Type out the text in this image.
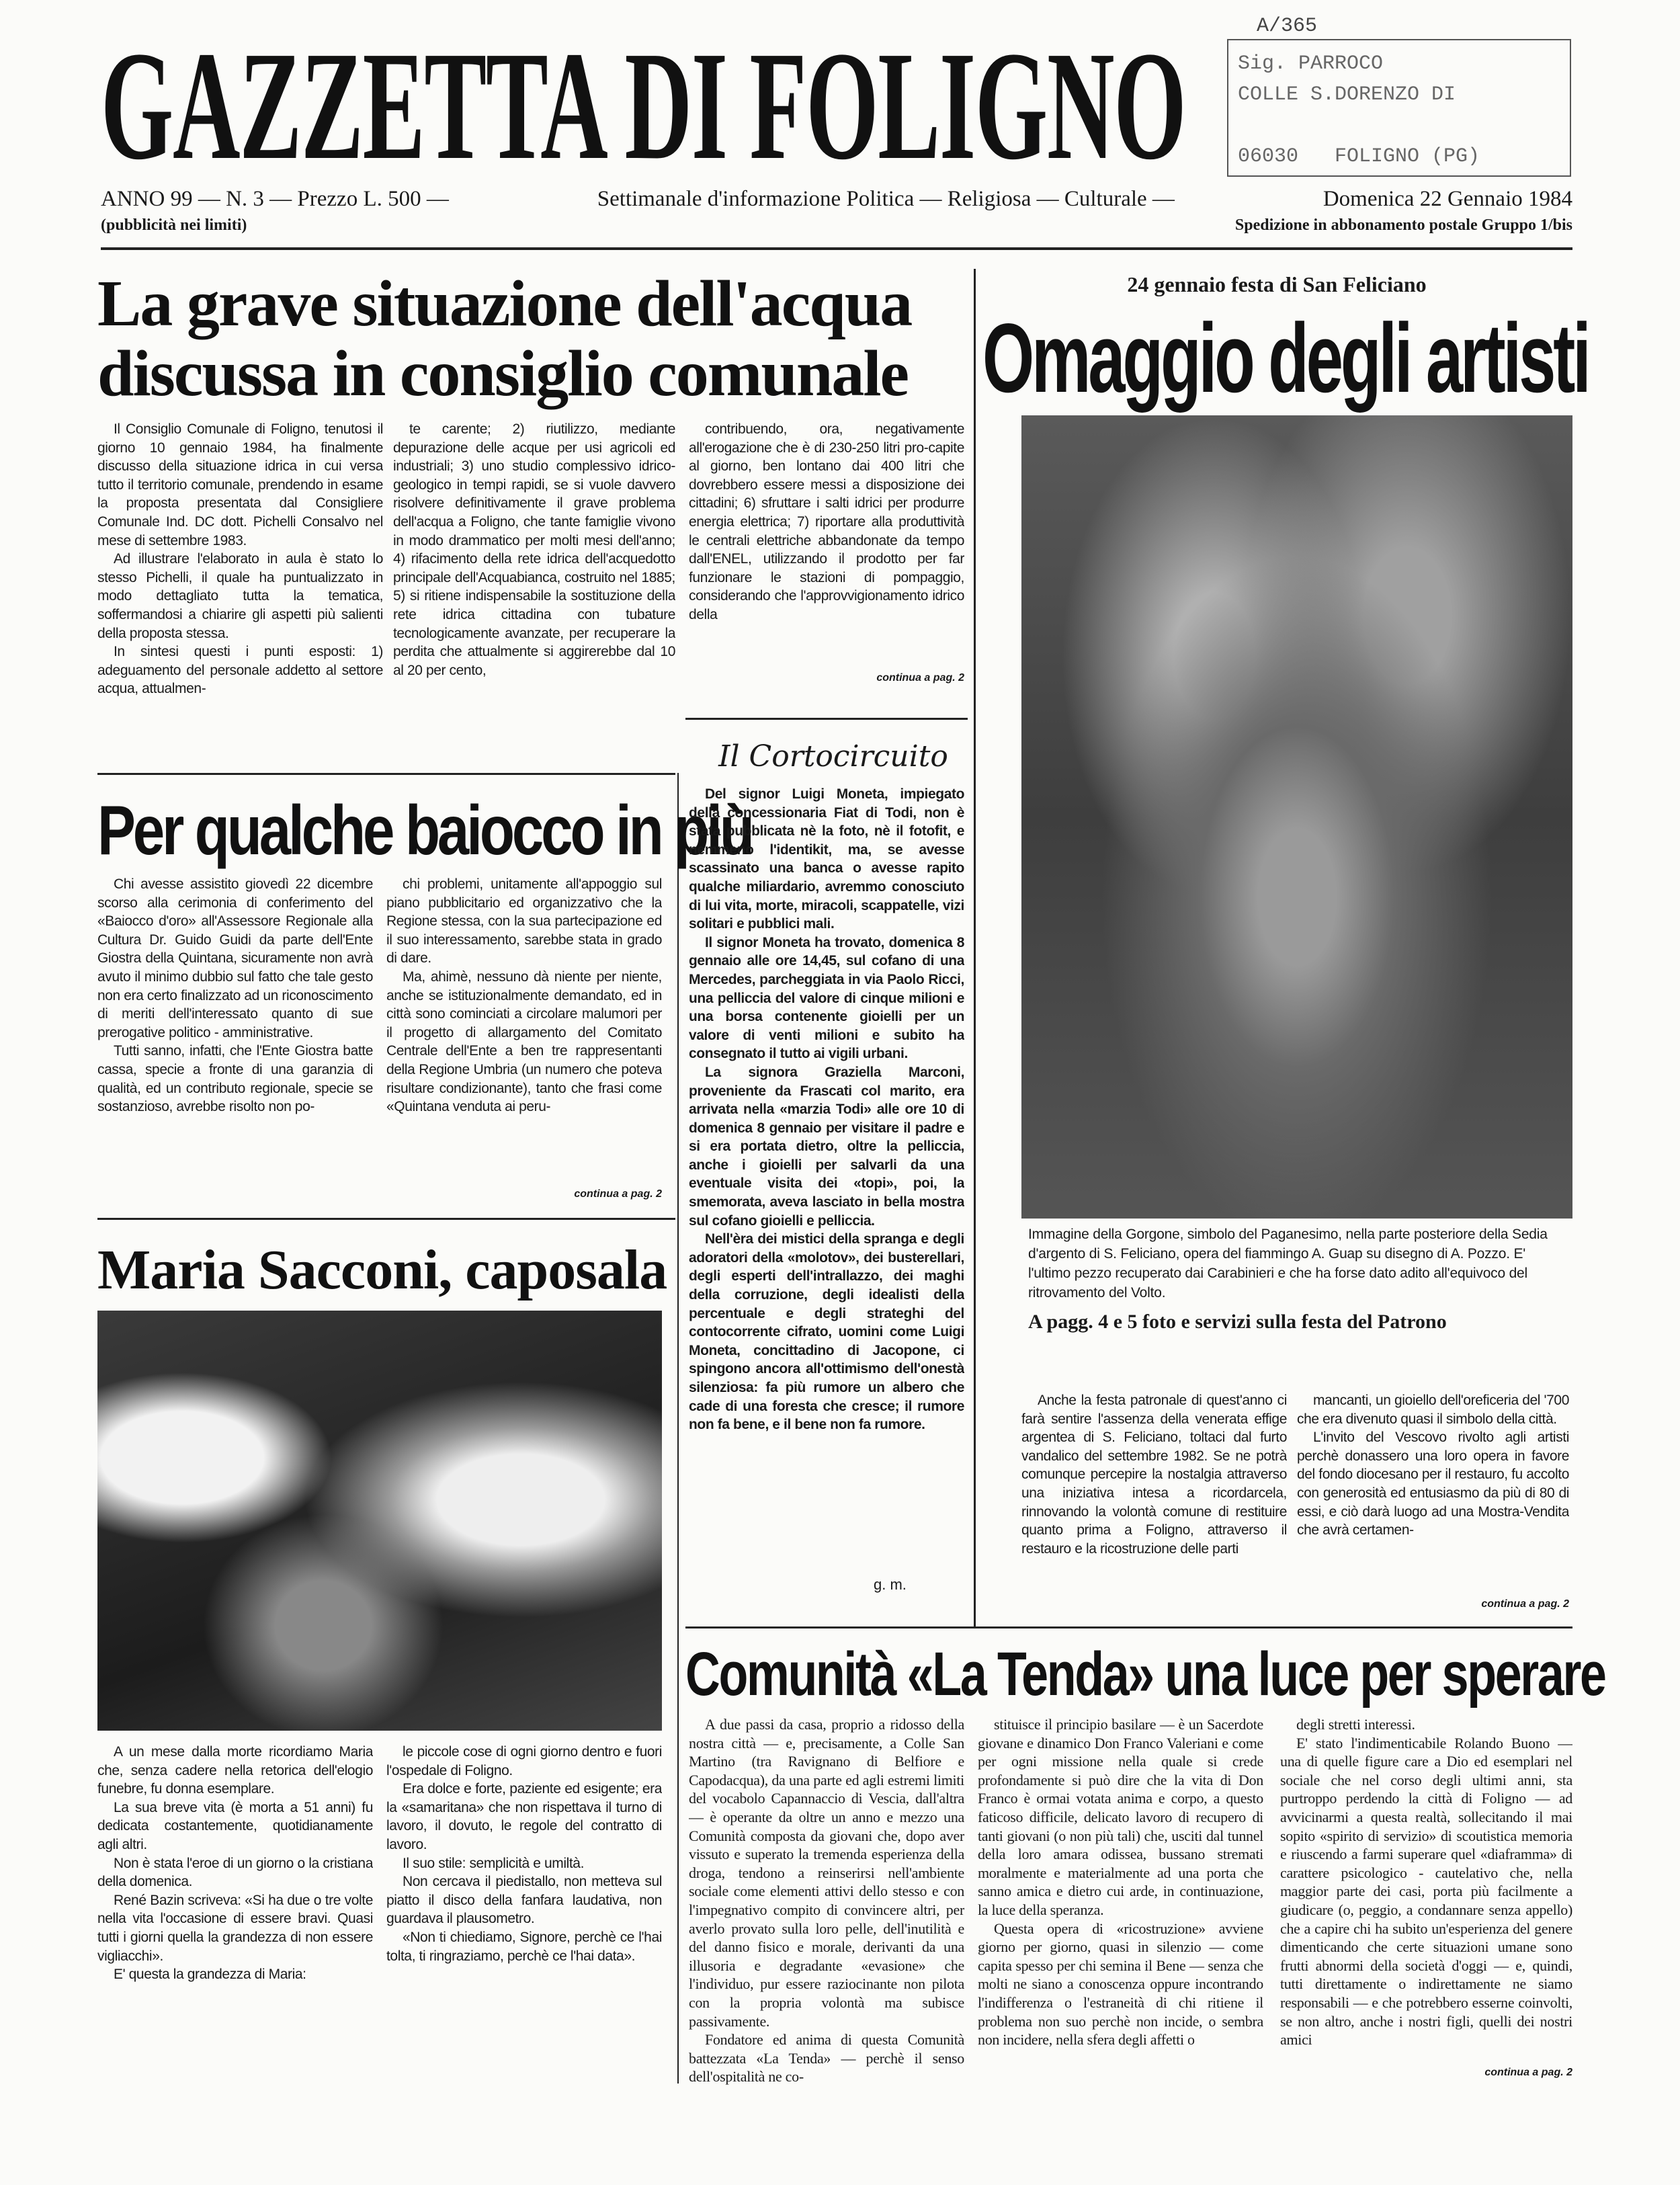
GAZZETTA DI FOLIGNO	A/365
Sig. PARROCO
COLLE S.DORENZO DI
06030   FOLIGNO (PG)
ANNO 99 — N. 3 — Prezzo L. 500 —	Settimanale d'informazione Politica — Religiosa — Culturale —	Domenica 22 Gennaio 1984
(pubblicità nei limiti)	Spedizione in abbonamento postale Gruppo 1/bis
La grave situazione dell'acqua
discussa in consiglio comunale

Il Consiglio Comunale di Foligno, tenutosi il giorno 10 gennaio 1984, ha finalmente discusso della situazione idrica in cui versa tutto il territorio comunale, prendendo in esame la proposta presentata dal Consigliere Comunale Ind. DC dott. Pichelli Consalvo nel mese di settembre 1983.

Ad illustrare l'elaborato in aula è stato lo stesso Pichelli, il quale ha puntualizzato in modo dettagliato tutta la tematica, soffermandosi a chiarire gli aspetti più salienti della proposta stessa.

In sintesi questi i punti esposti: 1) adeguamento del personale addetto al settore acqua, attualmen-

te carente; 2) riutilizzo, mediante depurazione delle acque per usi agricoli ed industriali; 3) uno studio complessivo idrico-geologico in tempi rapidi, se si vuole davvero risolvere definitivamente il grave problema dell'acqua a Foligno, che tante famiglie vivono in modo drammatico per molti mesi dell'anno; 4) rifacimento della rete idrica dell'acquedotto principale dell'Acquabianca, costruito nel 1885; 5) si ritiene indispensabile la sostituzione della rete idrica cittadina con tubature tecnologicamente avanzate, per recuperare la perdita che attualmente si aggirerebbe dal 10 al 20 per cento,

contribuendo, ora, negativamente all'erogazione che è di 230-250 litri pro-capite al giorno, ben lontano dai 400 litri che dovrebbero essere messi a disposizione dei cittadini; 6) sfruttare i salti idrici per produrre energia elettrica; 7) riportare alla produttività le centrali elettriche abbandonate da tempo dall'ENEL, utilizzando il prodotto per far funzionare le stazioni di pompaggio, considerando che l'approvvigionamento idrico della

continua a pag. 2
Per qualche baiocco in più

Chi avesse assistito giovedì 22 dicembre scorso alla cerimonia di conferimento del «Baiocco d'oro» all'Assessore Regionale alla Cultura Dr. Guido Guidi da parte dell'Ente Giostra della Quintana, sicuramente non avrà avuto il minimo dubbio sul fatto che tale gesto non era certo finalizzato ad un riconoscimento di meriti dell'interessato quanto di sue prerogative politico - amministrative.

Tutti sanno, infatti, che l'Ente Giostra batte cassa, specie a fronte di una garanzia di qualità, ed un contributo regionale, specie se sostanzioso, avrebbe risolto non po-

chi problemi, unitamente all'appoggio sul piano pubblicitario ed organizzativo che la Regione stessa, con la sua partecipazione ed il suo interessamento, sarebbe stata in grado di dare.

Ma, ahimè, nessuno dà niente per niente, anche se istituzionalmente demandato, ed in città sono cominciati a circolare malumori per il progetto di allargamento del Comitato Centrale dell'Ente a ben tre rappresentanti della Regione Umbria (un numero che poteva risultare condizionante), tanto che frasi come «Quintana venduta ai peru-

continua a pag. 2
Maria Sacconi, caposala

A un mese dalla morte ricordiamo Maria che, senza cadere nella retorica dell'elogio funebre, fu donna esemplare.

La sua breve vita (è morta a 51 anni) fu dedicata costantemente, quotidianamente agli altri.

Non è stata l'eroe di un giorno o la cristiana della domenica.

René Bazin scriveva: «Si ha due o tre volte nella vita l'occasione di essere bravi. Quasi tutti i giorni quella la grandezza di non essere vigliacchi».

E' questa la grandezza di Maria:

le piccole cose di ogni giorno dentro e fuori l'ospedale di Foligno.

Era dolce e forte, paziente ed esigente; era la «samaritana» che non rispettava il turno di lavoro, il dovuto, le regole del contratto di lavoro.

Il suo stile: semplicità e umiltà.

Non cercava il piedistallo, non metteva sul piatto il disco della fanfara laudativa, non guardava il plausometro.

«Non ti chiediamo, Signore, perchè ce l'hai tolta, ti ringraziamo, perchè ce l'hai data».

Il Cortocircuito

Del signor Luigi Moneta, impiegato della concessionaria Fiat di Todi, non è stata pubblicata nè la foto, nè il fotofit, e nemmeno l'identikit, ma, se avesse scassinato una banca o avesse rapito qualche miliardario, avremmo conosciuto di lui vita, morte, miracoli, scappatelle, vizi solitari e pubblici mali.

Il signor Moneta ha trovato, domenica 8 gennaio alle ore 14,45, sul cofano di una Mercedes, parcheggiata in via Paolo Ricci, una pelliccia del valore di cinque milioni e una borsa contenente gioielli per un valore di venti milioni e subito ha consegnato il tutto ai vigili urbani.

La signora Graziella Marconi, proveniente da Frascati col marito, era arrivata nella «marzia Todi» alle ore 10 di domenica 8 gennaio per visitare il padre e si era portata dietro, oltre la pelliccia, anche i gioielli per salvarli da una eventuale visita dei «topi», poi, la smemorata, aveva lasciato in bella mostra sul cofano gioielli e pelliccia.

Nell'èra dei mistici della spranga e degli adoratori della «molotov», dei busterellari, degli esperti dell'intrallazzo, dei maghi della corruzione, degli idealisti della percentuale e degli strateghi del contocorrente cifrato, uomini come Luigi Moneta, concittadino di Jacopone, ci spingono ancora all'ottimismo dell'onestà silenziosa: fa più rumore un albero che cade di una foresta che cresce; il rumore non fa bene, e il bene non fa rumore.

g. m.
24 gennaio festa di San Feliciano
Omaggio degli artisti
Immagine della Gorgone, simbolo del Paganesimo, nella parte posteriore della Sedia d'argento di S. Feliciano, opera del fiammingo A. Guap su disegno di A. Pozzo. E' l'ultimo pezzo recuperato dai Carabinieri e che ha forse dato adito all'equivoco del ritrovamento del Volto.
A pagg. 4 e 5 foto e servizi sulla festa del Patrono

Anche la festa patronale di quest'anno ci farà sentire l'assenza della venerata effige argentea di S. Feliciano, toltaci dal furto vandalico del settembre 1982. Se ne potrà comunque percepire la nostalgia attraverso una iniziativa intesa a ricordarcela, rinnovando la volontà comune di restituire quanto prima a Foligno, attraverso il restauro e la ricostruzione delle parti

mancanti, un gioiello dell'oreficeria del '700 che era divenuto quasi il simbolo della città.

L'invito del Vescovo rivolto agli artisti perchè donassero una loro opera in favore del fondo diocesano per il restauro, fu accolto con generosità ed entusiasmo da più di 80 di essi, e ciò darà luogo ad una Mostra-Vendita che avrà certamen-

continua a pag. 2
Comunità «La Tenda» una luce per sperare

A due passi da casa, proprio a ridosso della nostra città — e, precisamente, a Colle San Martino (tra Ravignano di Belfiore e Capodacqua), da una parte ed agli estremi limiti del vocabolo Capannaccio di Vescia, dall'altra — è operante da oltre un anno e mezzo una Comunità composta da giovani che, dopo aver vissuto e superato la tremenda esperienza della droga, tendono a reinserirsi nell'ambiente sociale come elementi attivi dello stesso e con l'impegnativo compito di convincere altri, per averlo provato sulla loro pelle, dell'inutilità e del danno fisico e morale, derivanti da una illusoria e degradante «evasione» che l'individuo, pur essere raziocinante non pilota con la propria volontà ma subisce passivamente.

Fondatore ed anima di questa Comunità battezzata «La Tenda» — perchè il senso dell'ospitalità ne co-

stituisce il principio basilare — è un Sacerdote giovane e dinamico Don Franco Valeriani e come per ogni missione nella quale si crede profondamente si può dire che la vita di Don Franco è ormai votata anima e corpo, a questo faticoso difficile, delicato lavoro di recupero di tanti giovani (o non più tali) che, usciti dal tunnel della loro amara odissea, bussano stremati moralmente e materialmente ad una porta che sanno amica e dietro cui arde, in continuazione, la luce della speranza.

Questa opera di «ricostruzione» avviene giorno per giorno, quasi in silenzio — come capita spesso per chi semina il Bene — senza che molti ne siano a conoscenza oppure incontrando l'indifferenza o l'estraneità di chi ritiene il problema non suo perchè non incide, o sembra non incidere, nella sfera degli affetti o

degli stretti interessi.

E' stato l'indimenticabile Rolando Buono — una di quelle figure care a Dio ed esemplari nel sociale che nel corso degli ultimi anni, sta purtroppo perdendo la città di Foligno — ad avvicinarmi a questa realtà, sollecitando il mai sopito «spirito di servizio» di scoutistica memoria e riuscendo a farmi superare quel «diaframma» di carattere psicologico - cautelativo che, nella maggior parte dei casi, porta più facilmente a giudicare (o, peggio, a condannare senza appello) che a capire chi ha subito un'esperienza del genere dimenticando che certe situazioni umane sono frutti abnormi della società d'oggi — e, quindi, tutti direttamente o indirettamente ne siamo responsabili — e che potrebbero esserne coinvolti, se non altro, anche i nostri figli, quelli dei nostri amici

continua a pag. 2
